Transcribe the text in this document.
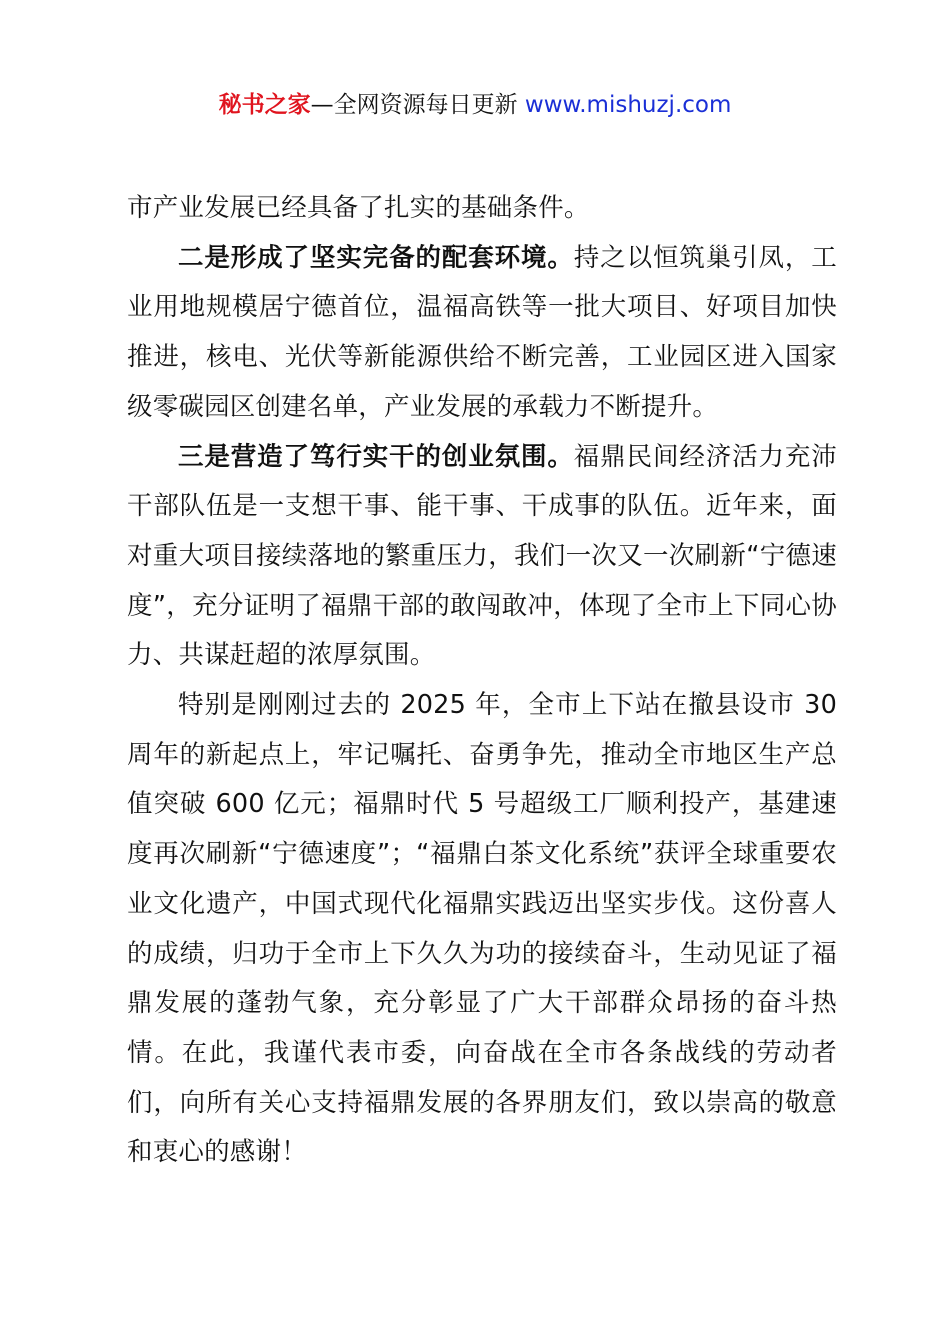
秘书之家—全网资源每日更新 www.mishuzj.com

市产业发展已经具备了扎实的基础条件。

二是形成了坚实完备的配套环境。持之以恒筑巢引凤，工业用地规模居宁德首位，温福高铁等一批大项目、好项目加快推进，核电、光伏等新能源供给不断完善，工业园区进入国家级零碳园区创建名单，产业发展的承载力不断提升。

三是营造了笃行实干的创业氛围。福鼎民间经济活力充沛干部队伍是一支想干事、能干事、干成事的队伍。近年来，面对重大项目接续落地的繁重压力，我们一次又一次刷新“宁德速度”，充分证明了福鼎干部的敢闯敢冲，体现了全市上下同心协力、共谋赶超的浓厚氛围。

特别是刚刚过去的 2025 年，全市上下站在撤县设市 30 周年的新起点上，牢记嘱托、奋勇争先，推动全市地区生产总值突破 600 亿元；福鼎时代 5 号超级工厂顺利投产，基建速度再次刷新“宁德速度”；“福鼎白茶文化系统”获评全球重要农业文化遗产，中国式现代化福鼎实践迈出坚实步伐。这份喜人的成绩，归功于全市上下久久为功的接续奋斗，生动见证了福鼎发展的蓬勃气象，充分彰显了广大干部群众昂扬的奋斗热情。在此，我谨代表市委，向奋战在全市各条战线的劳动者们，向所有关心支持福鼎发展的各界朋友们，致以崇高的敬意和衷心的感谢！
